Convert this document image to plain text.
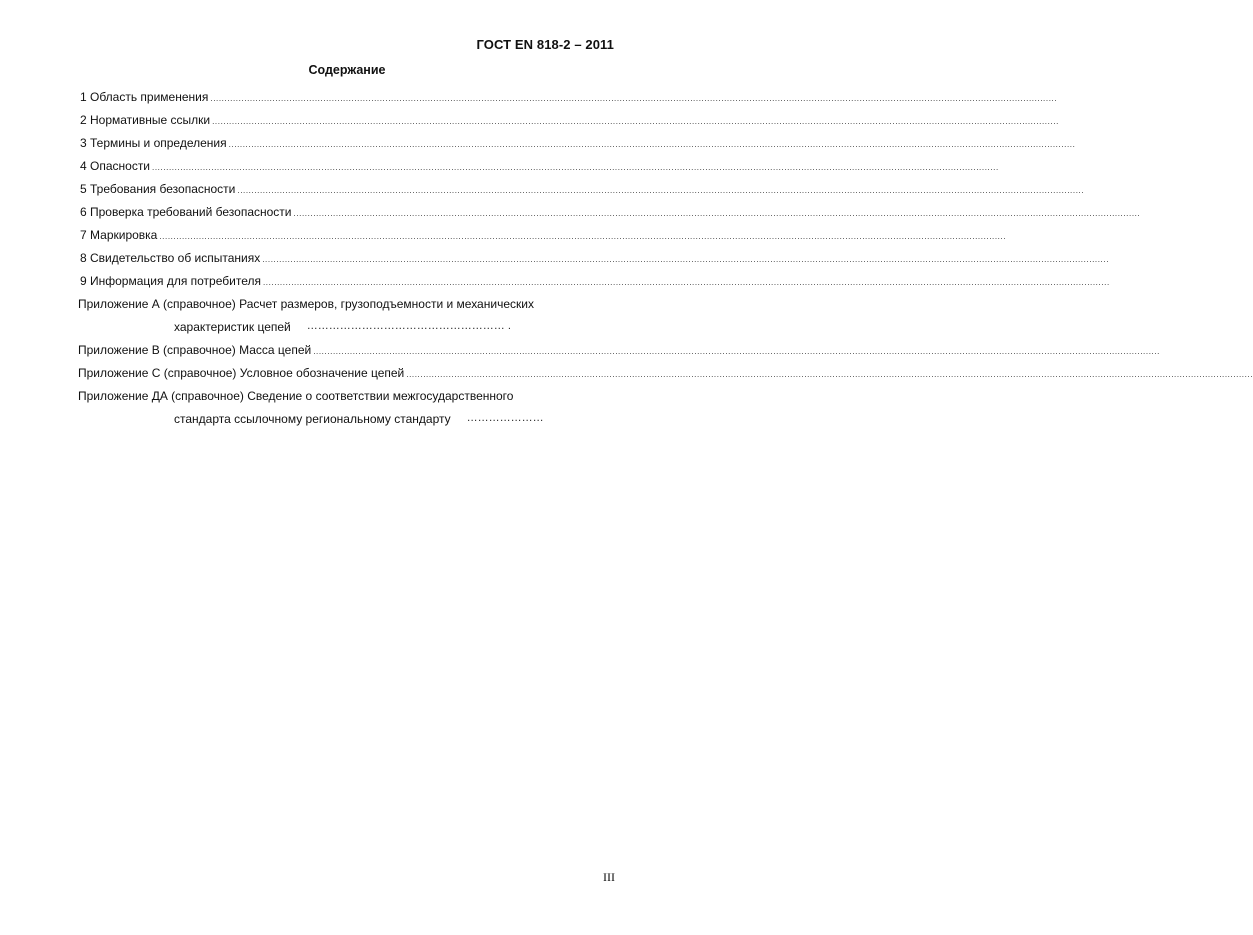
ГОСТ EN 818-2 – 2011
Содержание
1 Область применения ............................................................................................................................................................................................................................................................................................................
2 Нормативные ссылки ............................................................................................................................................................................................................................................................................................................
3 Термины и определения ............................................................................................................................................................................................................................................................................................................
4 Опасности ............................................................................................................................................................................................................................................................................................................
5 Требования безопасности ............................................................................................................................................................................................................................................................................................................
6 Проверка требований безопасности ............................................................................................................................................................................................................................................................................................................
7 Маркировка ............................................................................................................................................................................................................................................................................................................
8 Свидетельство об испытаниях ............................................................................................................................................................................................................................................................................................................
9 Информация для потребителя ............................................................................................................................................................................................................................................................................................................
Приложение А (справочное) Расчет размеров, грузоподъемности и механических
характеристик цепей ……………………………………………… .
Приложение В (справочное) Масса цепей ............................................................................................................................................................................................................................................................................................................
Приложение С (справочное) Условное обозначение цепей ............................................................................................................................................................................................................................................................................................................
Приложение ДА (справочное) Сведение о соответствии межгосударственного
стандарта ссылочному региональному стандарту …………………
III
